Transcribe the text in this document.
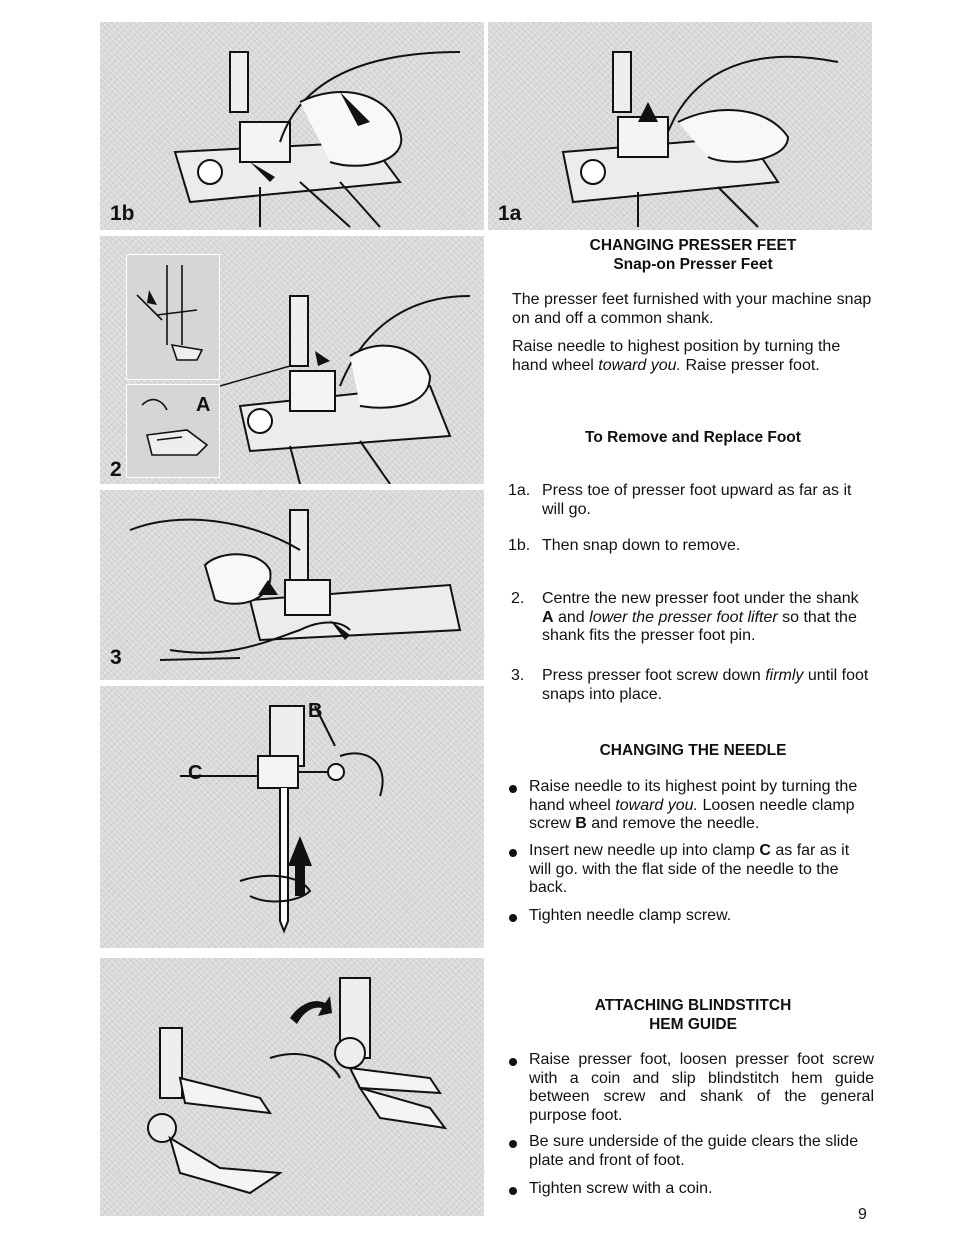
1b	1a
A
2
3
B
C
CHANGING PRESSER FEET
Snap-on Presser Feet

The presser feet furnished with your machine snap on and off a common shank.

Raise needle to highest position by turning the hand wheel toward you. Raise presser foot.

To Remove and Replace Foot

1a. Press toe of presser foot upward as far as it will go.

1b. Then snap down to remove.

2. Centre the new presser foot under the shank A and lower the presser foot lifter so that the shank fits the presser foot pin.

3. Press presser foot screw down firmly until foot snaps into place.

CHANGING THE NEEDLE

Raise needle to its highest point by turning the hand wheel toward you. Loosen needle clamp screw B and remove the needle.

Insert new needle up into clamp C as far as it will go. with the flat side of the needle to the back.

Tighten needle clamp screw.

ATTACHING BLINDSTITCH
HEM GUIDE

Raise presser foot, loosen presser foot screw with a coin and slip blindstitch hem guide between screw and shank of the general purpose foot.

Be sure underside of the guide clears the slide plate and front of foot.

Tighten screw with a coin.

9
